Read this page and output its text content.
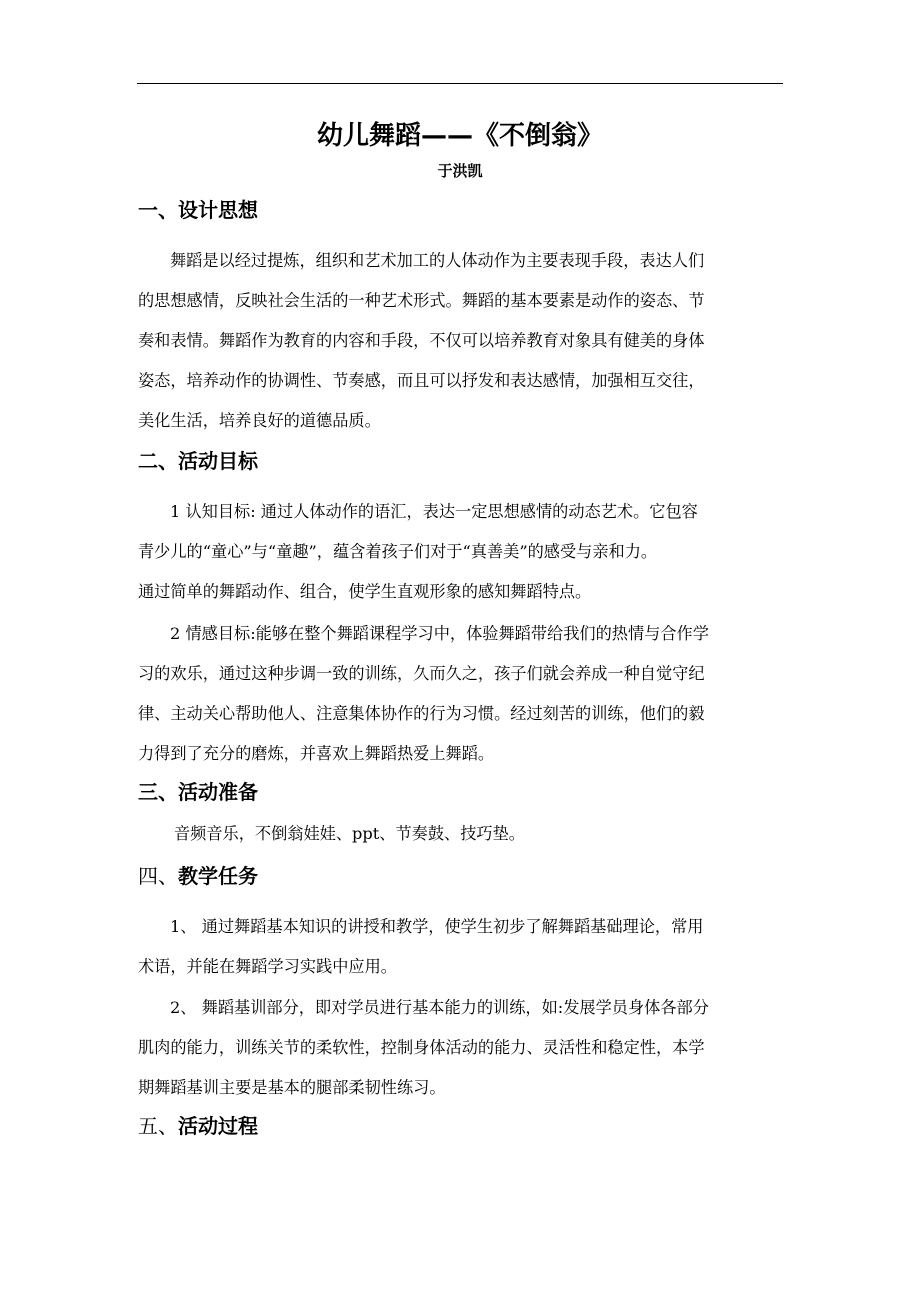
幼儿舞蹈——《不倒翁》
于洪凯
一、设计思想
舞蹈是以经过提炼，组织和艺术加工的人体动作为主要表现手段，表达人们
的思想感情，反映社会生活的一种艺术形式。舞蹈的基本要素是动作的姿态、节
奏和表情。舞蹈作为教育的内容和手段，不仅可以培养教育对象具有健美的身体
姿态，培养动作的协调性、节奏感，而且可以抒发和表达感情，加强相互交往，
美化生活，培养良好的道德品质。
二、活动目标
1 认知目标: 通过人体动作的语汇，表达一定思想感情的动态艺术。它包容
青少儿的“童心”与“童趣”，蕴含着孩子们对于“真善美”的感受与亲和力。
通过简单的舞蹈动作、组合，使学生直观形象的感知舞蹈特点。
2 情感目标:能够在整个舞蹈课程学习中，体验舞蹈带给我们的热情与合作学
习的欢乐，通过这种步调一致的训练，久而久之，孩子们就会养成一种自觉守纪
律、主动关心帮助他人、注意集体协作的行为习惯。经过刻苦的训练，他们的毅
力得到了充分的磨炼，并喜欢上舞蹈热爱上舞蹈。
三、活动准备
音频音乐，不倒翁娃娃、ppt、节奏鼓、技巧垫。
四、教学任务
1、 通过舞蹈基本知识的讲授和教学，使学生初步了解舞蹈基础理论，常用
术语，并能在舞蹈学习实践中应用。
2、 舞蹈基训部分，即对学员进行基本能力的训练，如:发展学员身体各部分
肌肉的能力，训练关节的柔软性，控制身体活动的能力、灵活性和稳定性，本学
期舞蹈基训主要是基本的腿部柔韧性练习。
五、活动过程
